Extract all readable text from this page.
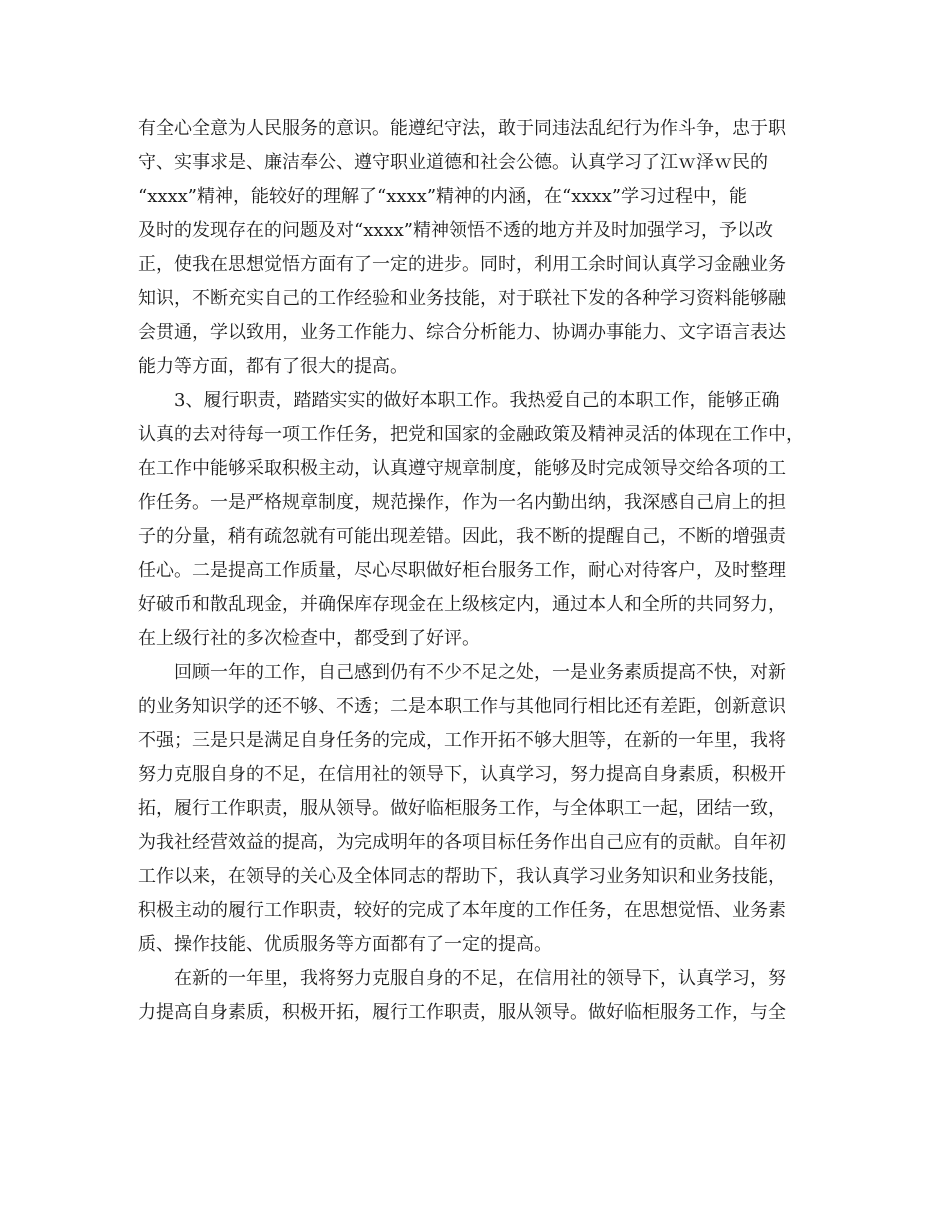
有全心全意为人民服务的意识。能遵纪守法，敢于同违法乱纪行为作斗争，忠于职
守、实事求是、廉洁奉公、遵守职业道德和社会公德。认真学习了江ｗ泽ｗ民的
“xxxx”精神，能较好的理解了“xxxx”精神的内涵，在“xxxx”学习过程中，能
及时的发现存在的问题及对“xxxx”精神领悟不透的地方并及时加强学习，予以改
正，使我在思想觉悟方面有了一定的进步。同时，利用工余时间认真学习金融业务
知识，不断充实自己的工作经验和业务技能，对于联社下发的各种学习资料能够融
会贯通，学以致用，业务工作能力、综合分析能力、协调办事能力、文字语言表达
能力等方面，都有了很大的提高。
3、履行职责，踏踏实实的做好本职工作。我热爱自己的本职工作，能够正确
认真的去对待每一项工作任务，把党和国家的金融政策及精神灵活的体现在工作中，
在工作中能够采取积极主动，认真遵守规章制度，能够及时完成领导交给各项的工
作任务。一是严格规章制度，规范操作，作为一名内勤出纳，我深感自己肩上的担
子的分量，稍有疏忽就有可能出现差错。因此，我不断的提醒自己，不断的增强责
任心。二是提高工作质量，尽心尽职做好柜台服务工作，耐心对待客户，及时整理
好破币和散乱现金，并确保库存现金在上级核定内，通过本人和全所的共同努力，
在上级行社的多次检查中，都受到了好评。
回顾一年的工作，自己感到仍有不少不足之处，一是业务素质提高不快，对新
的业务知识学的还不够、不透；二是本职工作与其他同行相比还有差距，创新意识
不强；三是只是满足自身任务的完成，工作开拓不够大胆等，在新的一年里，我将
努力克服自身的不足，在信用社的领导下，认真学习，努力提高自身素质，积极开
拓，履行工作职责，服从领导。做好临柜服务工作，与全体职工一起，团结一致，
为我社经营效益的提高，为完成明年的各项目标任务作出自己应有的贡献。自年初
工作以来，在领导的关心及全体同志的帮助下，我认真学习业务知识和业务技能，
积极主动的履行工作职责，较好的完成了本年度的工作任务，在思想觉悟、业务素
质、操作技能、优质服务等方面都有了一定的提高。
在新的一年里，我将努力克服自身的不足，在信用社的领导下，认真学习，努
力提高自身素质，积极开拓，履行工作职责，服从领导。做好临柜服务工作，与全
